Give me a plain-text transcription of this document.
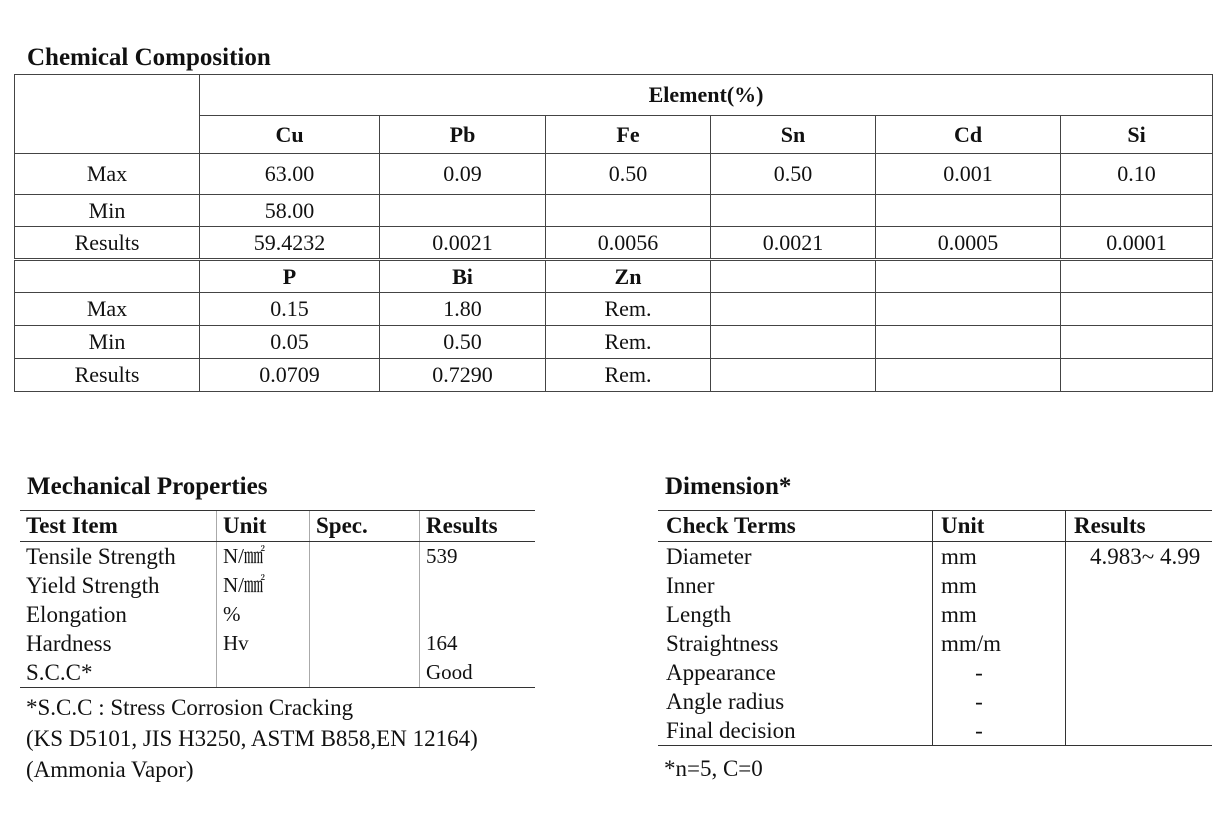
Chemical Composition
	Element(%)					
	Cu	Pb	Fe	Sn	Cd	Si
Max	63.00	0.09	0.50	0.50	0.001	0.10
Min	58.00					
Results	59.4232	0.0021	0.0056	0.0021	0.0005	0.0001
	P	Bi	Zn			
Max	0.15	1.80	Rem.			
Min	0.05	0.50	Rem.			
Results	0.0709	0.7290	Rem.			
Mechanical Properties
Test Item	Unit	Spec.	Results
Tensile Strength	N/㎟		539
Yield Strength	N/㎟		
Elongation	%		
Hardness	Hv		164
S.C.C*			Good
*S.C.C : Stress Corrosion Cracking
(KS D5101, JIS H3250, ASTM B858,EN 12164)
(Ammonia Vapor)
Dimension*
Check Terms	Unit	Results
Diameter	mm	4.983~ 4.99
Inner	mm	
Length	mm	
Straightness	mm/m	
Appearance	-	
Angle radius	-	
Final decision	-	
*n=5, C=0
